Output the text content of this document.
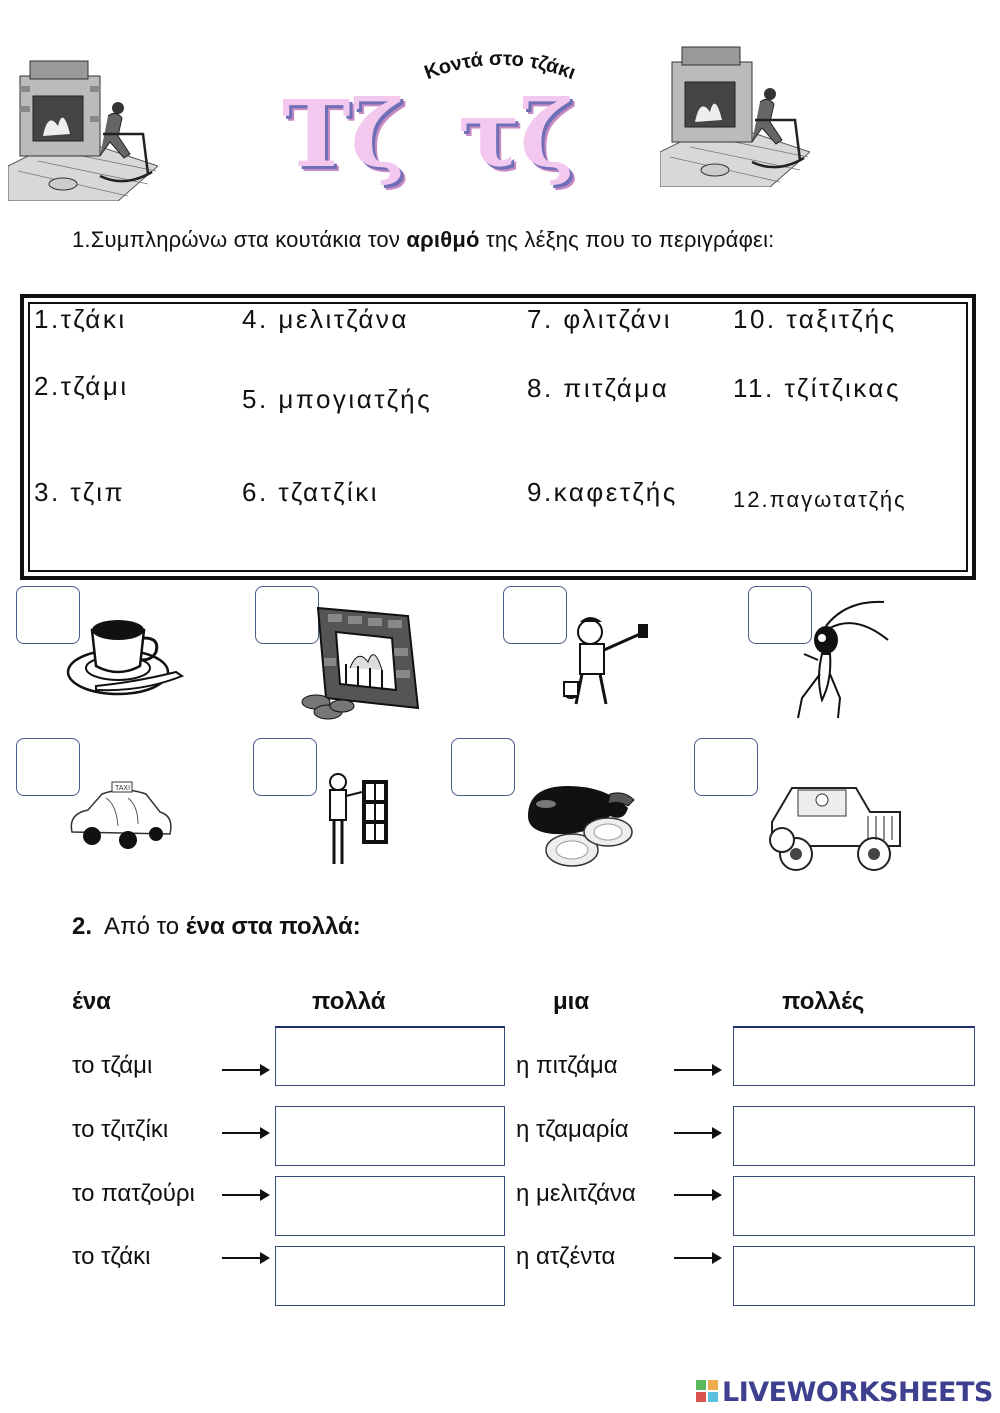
Κοντά στο τζάκι
Τζ τζ
1.Συμπληρώνω στα κουτάκια τον αριθμό της λέξης που το περιγράφει:
1.τζάκι	4. μελιτζάνα	7. φλιτζάνι 10. ταξιτζής
2.τζάμι	5. μπογιατζής	8. πιτζάμα 11. τζίτζικας
3. τζιπ	6. τζατζίκι	9.καφετζής	12.παγωτατζής
TAXI
2. Από το ένα στα πολλά:
ένα	πολλά	μια	πολλές
το τζάμι	η πιτζάμα
το τζιτζίκι	η τζαμαρία
το πατζούρι	η μελιτζάνα
το τζάκι	η ατζέντα
LIVEWORKSHEETS
